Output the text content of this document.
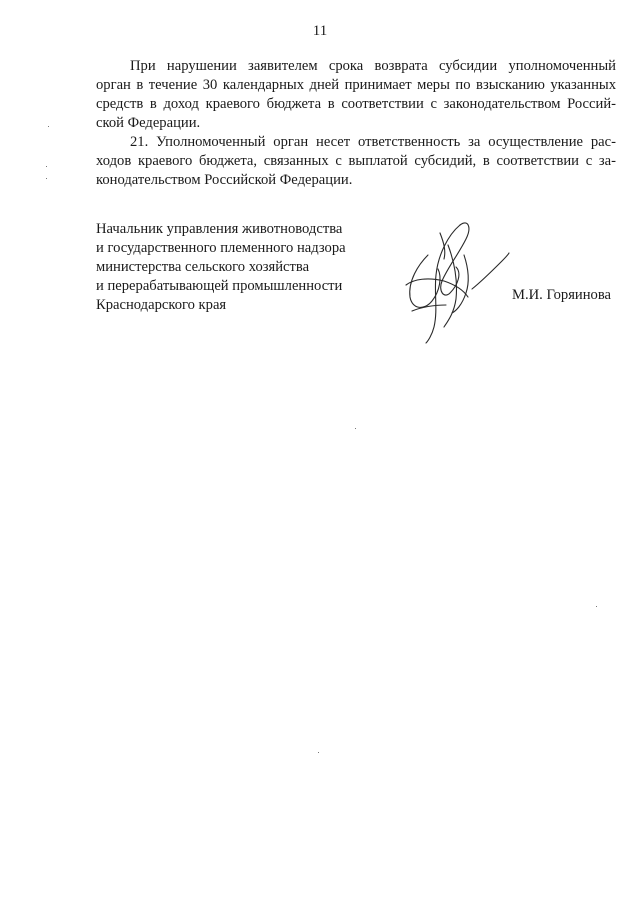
11
При нарушении заявителем срока возврата субсидии уполномоченный
орган в течение 30 календарных дней принимает меры по взысканию указанных
средств в доход краевого бюджета в соответствии с законодательством Россий-
ской Федерации.
21. Уполномоченный орган несет ответственность за осуществление рас-
ходов краевого бюджета, связанных с выплатой субсидий, в соответствии с за-
конодательством Российской Федерации.
Начальник управления животноводства
и государственного племенного надзора
министерства сельского хозяйства
и перерабатывающей промышленности
Краснодарского края
М.И. Горяинова
